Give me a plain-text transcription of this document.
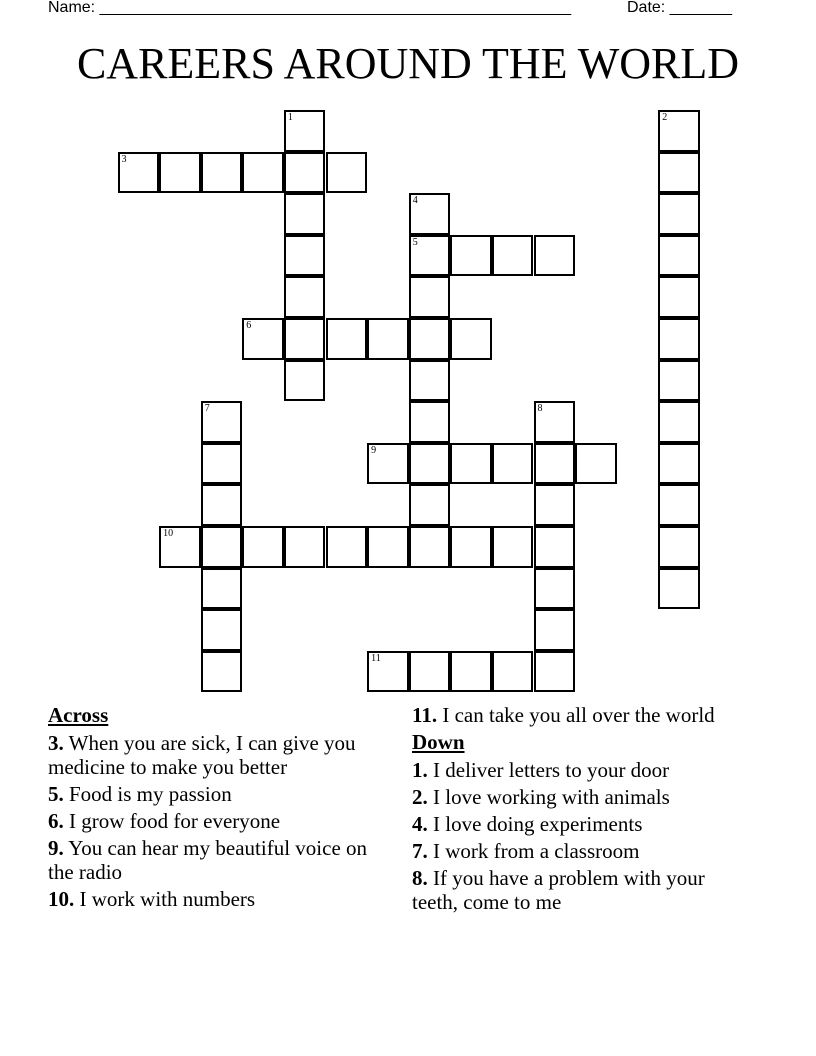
Name: _____________________________________________________	Date: _______
CAREERS AROUND THE WORLD
1	2
3
4
5
6
7	8
9
10
11
Across
3. When you are sick, I can give you medicine to make you better
5. Food is my passion
6. I grow food for everyone
9. You can hear my beautiful voice on the radio
10. I work with numbers
11. I can take you all over the world
Down
1. I deliver letters to your door
2. I love working with animals
4. I love doing experiments
7. I work from a classroom
8. If you have a problem with your teeth, come to me
